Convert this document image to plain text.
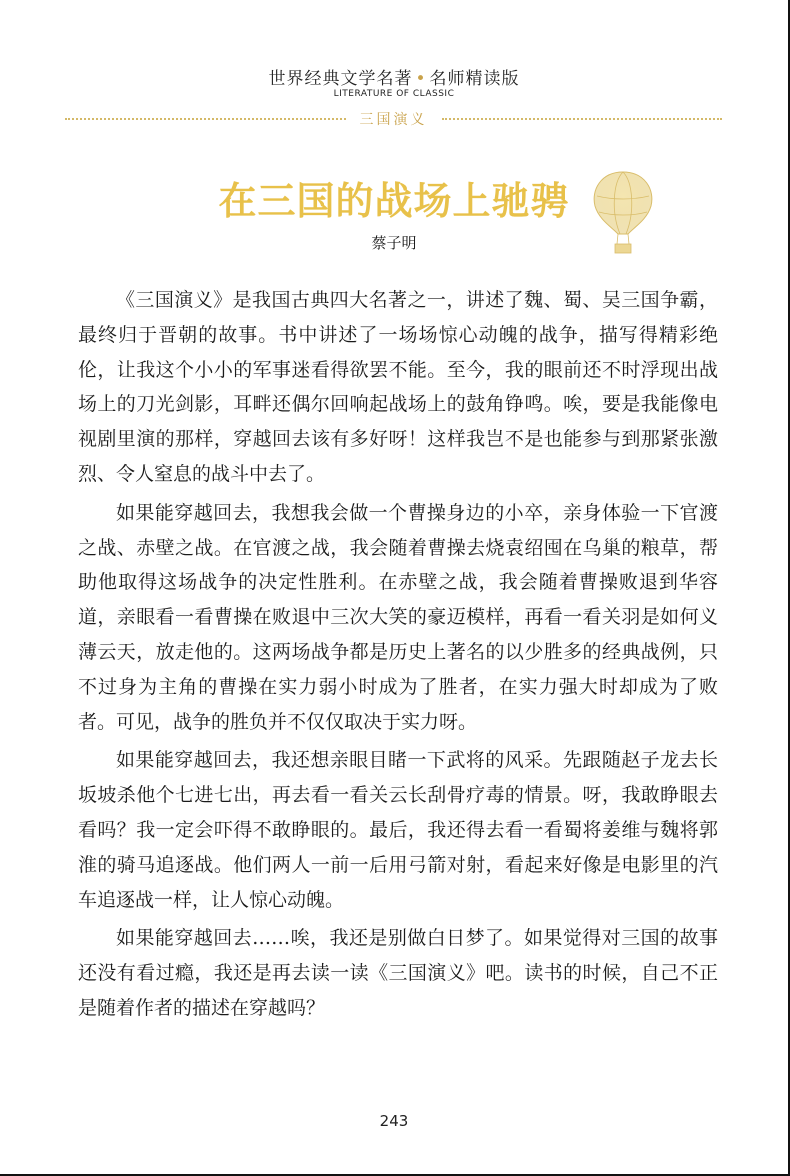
世界经典文学名著 • 名师精读版
LITERATURE OF CLASSIC
三国演义
在三国的战场上驰骋
蔡子明

《三国演义》是我国古典四大名著之一，讲述了魏、蜀、吴三国争霸，最终归于晋朝的故事。书中讲述了一场场惊心动魄的战争，描写得精彩绝伦，让我这个小小的军事迷看得欲罢不能。至今，我的眼前还不时浮现出战场上的刀光剑影，耳畔还偶尔回响起战场上的鼓角铮鸣。唉，要是我能像电视剧里演的那样，穿越回去该有多好呀！这样我岂不是也能参与到那紧张激烈、令人窒息的战斗中去了。

如果能穿越回去，我想我会做一个曹操身边的小卒，亲身体验一下官渡之战、赤壁之战。在官渡之战，我会随着曹操去烧袁绍囤在乌巢的粮草，帮助他取得这场战争的决定性胜利。在赤壁之战，我会随着曹操败退到华容道，亲眼看一看曹操在败退中三次大笑的豪迈模样，再看一看关羽是如何义薄云天，放走他的。这两场战争都是历史上著名的以少胜多的经典战例，只不过身为主角的曹操在实力弱小时成为了胜者，在实力强大时却成为了败者。可见，战争的胜负并不仅仅取决于实力呀。

如果能穿越回去，我还想亲眼目睹一下武将的风采。先跟随赵子龙去长坂坡杀他个七进七出，再去看一看关云长刮骨疗毒的情景。呀，我敢睁眼去看吗？我一定会吓得不敢睁眼的。最后，我还得去看一看蜀将姜维与魏将郭淮的骑马追逐战。他们两人一前一后用弓箭对射，看起来好像是电影里的汽车追逐战一样，让人惊心动魄。

如果能穿越回去……唉，我还是别做白日梦了。如果觉得对三国的故事还没有看过瘾，我还是再去读一读《三国演义》吧。读书的时候，自己不正是随着作者的描述在穿越吗？

243
